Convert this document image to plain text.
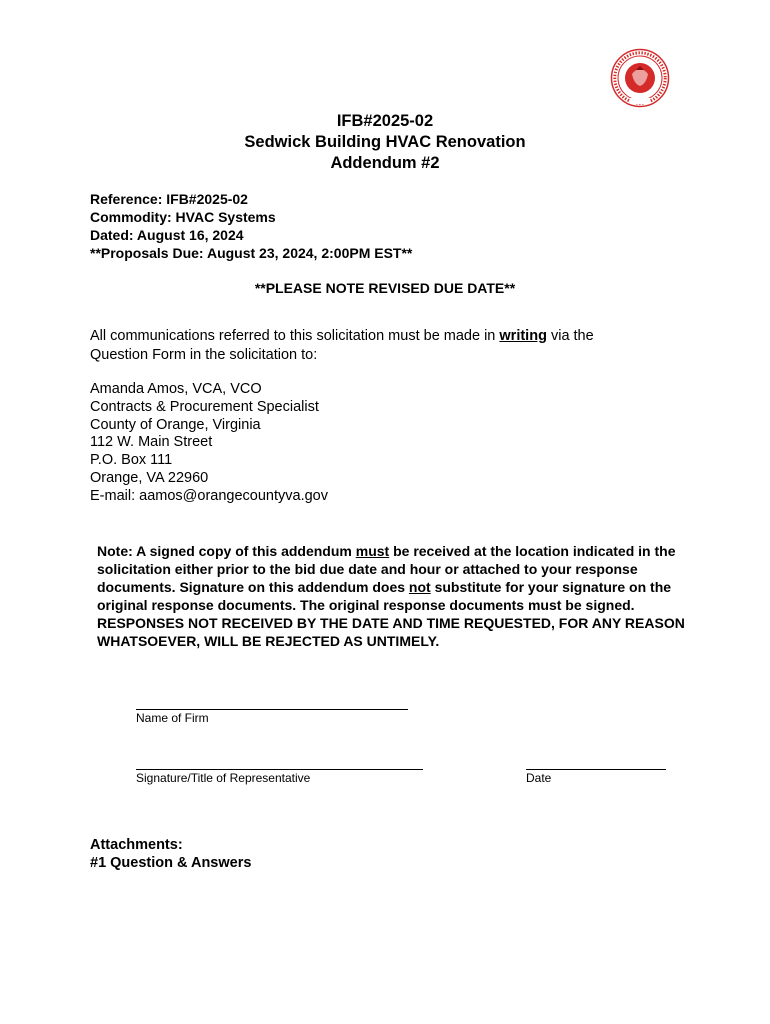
IFB#2025-02
Sedwick Building HVAC Renovation
Addendum #2
Reference: IFB#2025-02
Commodity: HVAC Systems
Dated: August 16, 2024
**Proposals Due: August 23, 2024, 2:00PM EST**
**PLEASE NOTE REVISED DUE DATE**
All communications referred to this solicitation must be made in writing via the Question Form in the solicitation to:
Amanda Amos, VCA, VCO
Contracts & Procurement Specialist
County of Orange, Virginia
112 W. Main Street
P.O. Box 111
Orange, VA 22960
E-mail: aamos@orangecountyva.gov
Note: A signed copy of this addendum must be received at the location indicated in the solicitation either prior to the bid due date and hour or attached to your response documents. Signature on this addendum does not substitute for your signature on the original response documents. The original response documents must be signed. RESPONSES NOT RECEIVED BY THE DATE AND TIME REQUESTED, FOR ANY REASON WHATSOEVER, WILL BE REJECTED AS UNTIMELY.
Name of Firm
Signature/Title of Representative	Date
Attachments:
#1 Question & Answers
